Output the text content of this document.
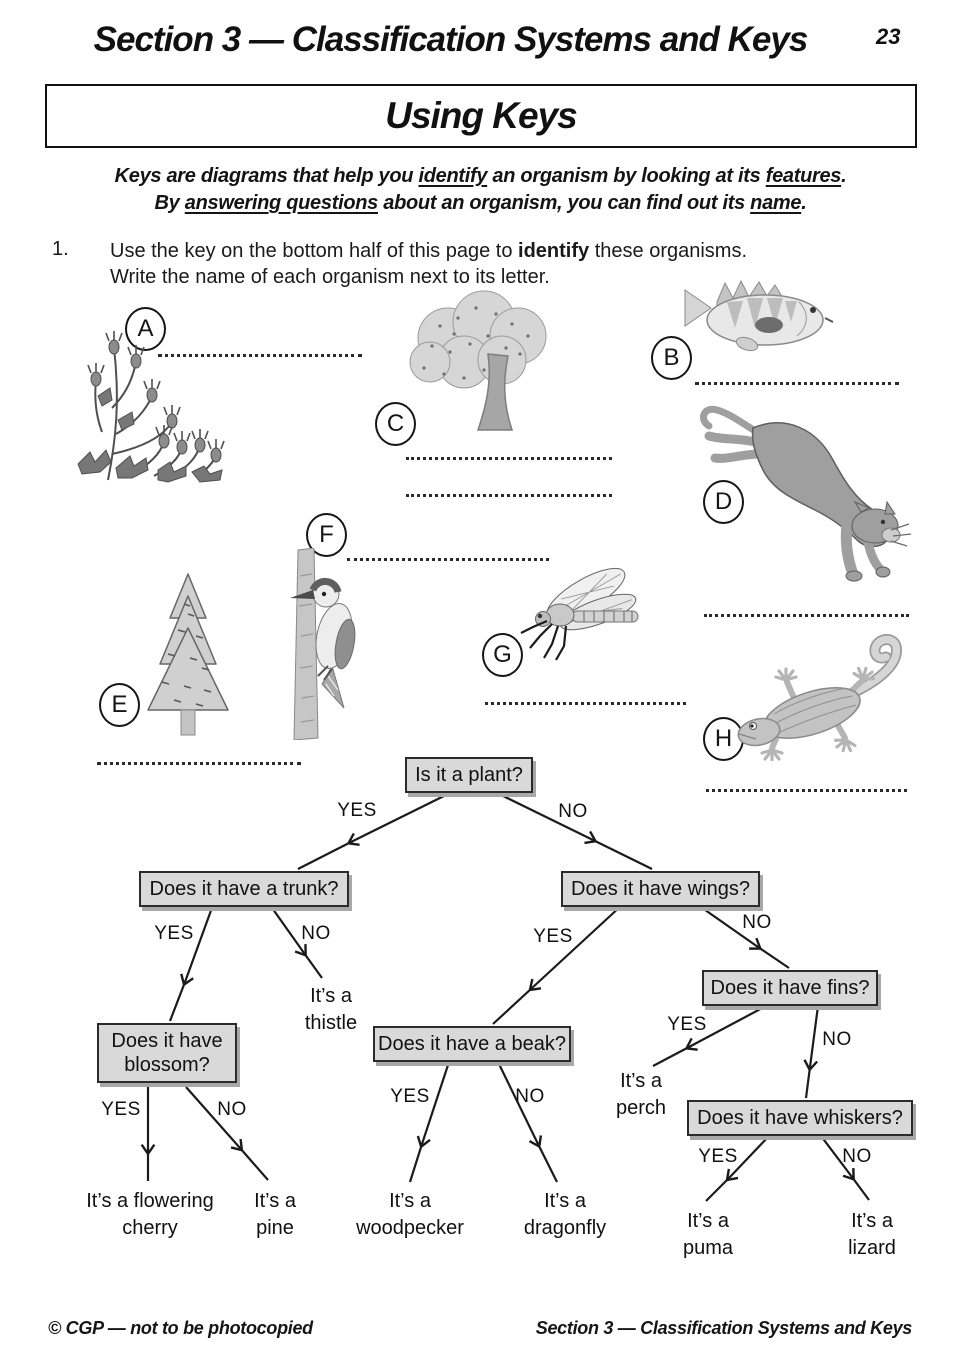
Section 3 — Classification Systems and Keys	23
Using Keys
Keys are diagrams that help you identify an organism by looking at its features.
By answering questions about an organism, you can find out its name.
1. Use the key on the bottom half of this page to identify these organisms.
Write the name of each organism next to its letter.
A
B
C
D
E
F
G
H
Is it a plant?
Does it have a trunk?	Does it have wings?
Does it have blossom?
Does it have a beak?
Does it have fins?
Does it have whiskers?
YES	NO
YES	NO	YES
NO
YES	NO
YES	NO
YES
NO
YES	NO
It’s a thistle
It’s a flowering cherry
It’s a pine
It’s a woodpecker
It’s a dragonfly
It’s a perch
It’s a puma
It’s a lizard
© CGP — not to be photocopied	Section 3 — Classification Systems and Keys
